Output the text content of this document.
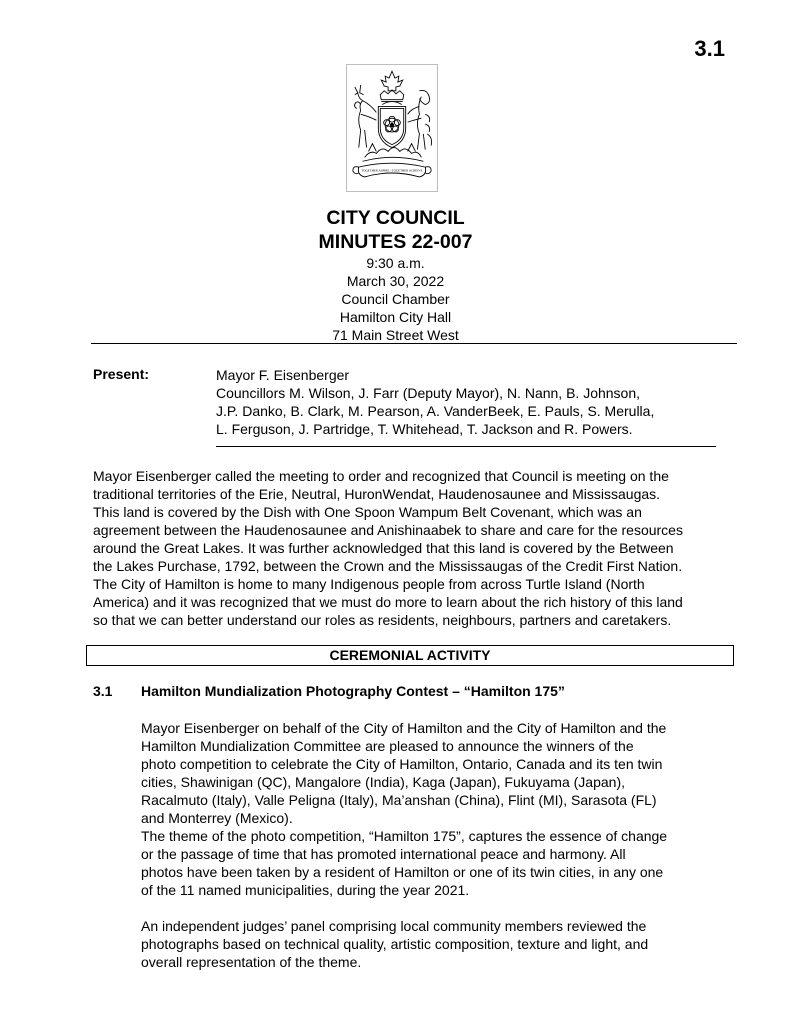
3.1
TOGETHER ASPIRE - TOGETHER ACHIEVE
CITY COUNCIL
MINUTES 22-007
9:30 a.m.
March 30, 2022
Council Chamber
Hamilton City Hall
71 Main Street West
Present:	Mayor F. Eisenberger
Councillors M. Wilson, J. Farr (Deputy Mayor), N. Nann, B. Johnson,
J.P. Danko, B. Clark, M. Pearson, A. VanderBeek, E. Pauls, S. Merulla,
L. Ferguson, J. Partridge, T. Whitehead, T. Jackson and R. Powers.
Mayor Eisenberger called the meeting to order and recognized that Council is meeting on the
traditional territories of the Erie, Neutral, HuronWendat, Haudenosaunee and Mississaugas.
This land is covered by the Dish with One Spoon Wampum Belt Covenant, which was an
agreement between the Haudenosaunee and Anishinaabek to share and care for the resources
around the Great Lakes. It was further acknowledged that this land is covered by the Between
the Lakes Purchase, 1792, between the Crown and the Mississaugas of the Credit First Nation.
The City of Hamilton is home to many Indigenous people from across Turtle Island (North
America) and it was recognized that we must do more to learn about the rich history of this land
so that we can better understand our roles as residents, neighbours, partners and caretakers.
CEREMONIAL ACTIVITY
3.1 Hamilton Mundialization Photography Contest – “Hamilton 175”
Mayor Eisenberger on behalf of the City of Hamilton and the City of Hamilton and the
Hamilton Mundialization Committee are pleased to announce the winners of the
photo competition to celebrate the City of Hamilton, Ontario, Canada and its ten twin
cities, Shawinigan (QC), Mangalore (India), Kaga (Japan), Fukuyama (Japan),
Racalmuto (Italy), Valle Peligna (Italy), Ma’anshan (China), Flint (MI), Sarasota (FL)
and Monterrey (Mexico).
The theme of the photo competition, “Hamilton 175”, captures the essence of change
or the passage of time that has promoted international peace and harmony. All
photos have been taken by a resident of Hamilton or one of its twin cities, in any one
of the 11 named municipalities, during the year 2021.
An independent judges’ panel comprising local community members reviewed the
photographs based on technical quality, artistic composition, texture and light, and
overall representation of the theme.
